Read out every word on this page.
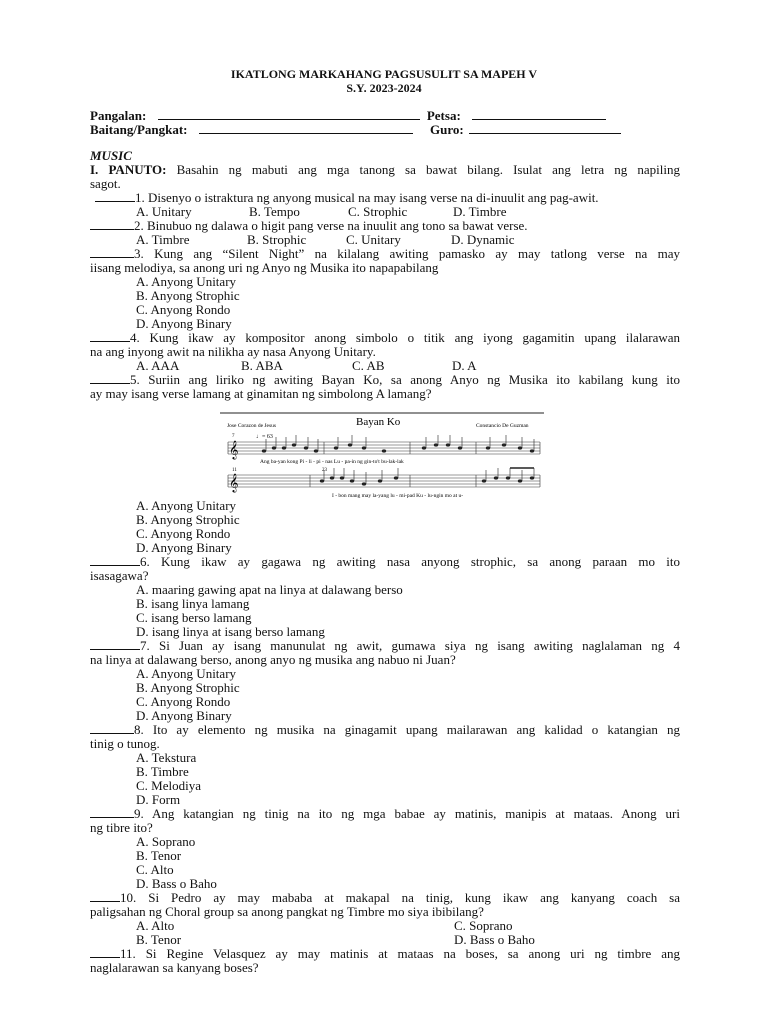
IKATLONG MARKAHANG PAGSUSULIT SA MAPEH V
S.Y. 2023-2024
Pangalan:	Petsa:
Baitang/Pangkat:	Guro:
MUSIC
I. PANUTO: Basahin ng mabuti ang mga tanong sa bawat bilang. Isulat ang letra ng napiling
sagot.
1. Disenyo o istraktura ng anyong musical na may isang verse na di-inuulit ang pag-awit.
A. Unitary	B. Tempo	C. Strophic	D. Timbre
2. Binubuo ng dalawa o higit pang verse na inuulit ang tono sa bawat verse.
A. Timbre	B. Strophic	C. Unitary	D. Dynamic
3. Kung ang “Silent Night” na kilalang awiting pamasko ay may tatlong verse na may
iisang melodiya, sa anong uri ng Anyo ng Musika ito napapabilang
A. Anyong Unitary
B. Anyong Strophic
C. Anyong Rondo
D. Anyong Binary
4. Kung ikaw ay kompositor anong simbolo o titik ang iyong gagamitin upang ilalarawan
na ang inyong awit na nilikha ay nasa Anyong Unitary.
A. AAA	B. ABA	C. AB	D. A
5. Suriin ang liriko ng awiting Bayan Ko, sa anong Anyo ng Musika ito kabilang kung ito
ay may isang verse lamang at ginamitan ng simbolong A lamang?
Jose Corazon de Jesus	Bayan Ko	Constancio De Guzman
7	♩= 63
𝄞
Ang ba-yan kong Pi - li - pi - nas Lu - pa-in ng gin-to't bu-lak-lak
11	23
𝄞
I - bon mang may la-yang lu - mi-pad Ku - lu-ngin mo at u-
A. Anyong Unitary
B. Anyong Strophic
C. Anyong Rondo
D. Anyong Binary
6. Kung ikaw ay gagawa ng awiting nasa anyong strophic, sa anong paraan mo ito
isasagawa?
A. maaring gawing apat na linya at dalawang berso
B. isang linya lamang
C. isang berso lamang
D. isang linya at isang berso lamang
7. Si Juan ay isang manunulat ng awit, gumawa siya ng isang awiting naglalaman ng 4
na linya at dalawang berso, anong anyo ng musika ang nabuo ni Juan?
A. Anyong Unitary
B. Anyong Strophic
C. Anyong Rondo
D. Anyong Binary
8. Ito ay elemento ng musika na ginagamit upang mailarawan ang kalidad o katangian ng
tinig o tunog.
A. Tekstura
B. Timbre
C. Melodiya
D. Form
9. Ang katangian ng tinig na ito ng mga babae ay matinis, manipis at mataas. Anong uri
ng tibre ito?
A. Soprano
B. Tenor
C. Alto
D. Bass o Baho
10. Si Pedro ay may mababa at makapal na tinig, kung ikaw ang kanyang coach sa
paligsahan ng Choral group sa anong pangkat ng Timbre mo siya ibibilang?
A. Alto	C. Soprano
B. Tenor	D. Bass o Baho
11. Si Regine Velasquez ay may matinis at mataas na boses, sa anong uri ng timbre ang
naglalarawan sa kanyang boses?
